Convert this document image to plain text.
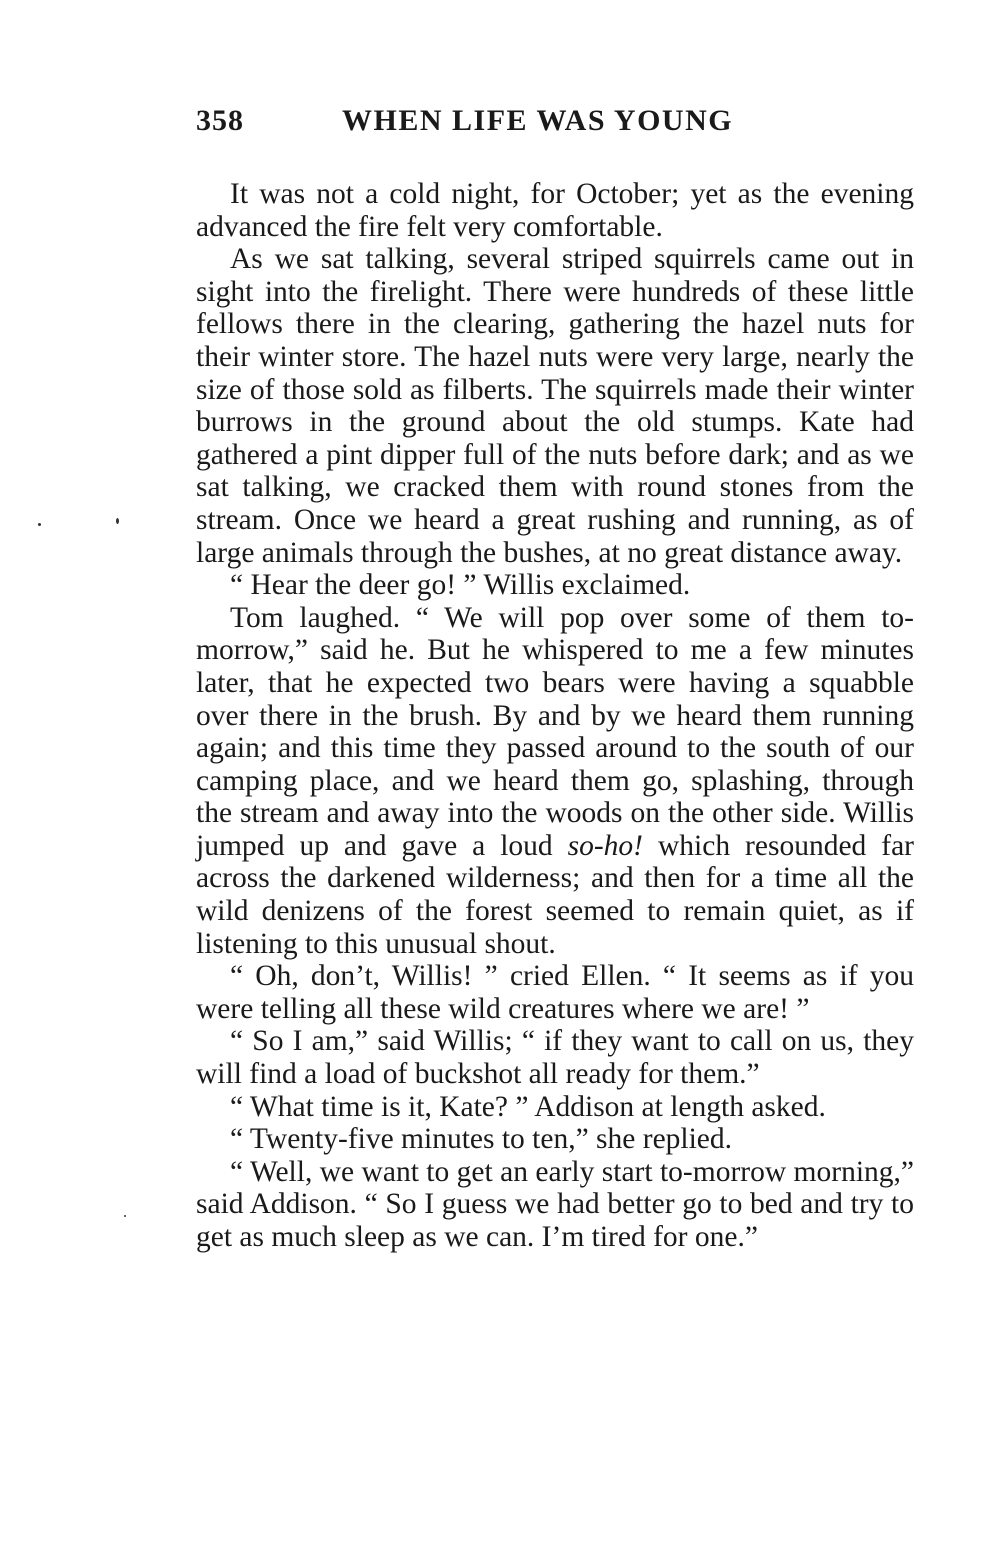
358	WHEN LIFE WAS YOUNG

It was not a cold night, for October; yet as the evening advanced the fire felt very comfortable.

As we sat talking, several striped squirrels came out in sight into the firelight. There were hundreds of these little fellows there in the clearing, gathering the hazel nuts for their winter store. The hazel nuts were very large, nearly the size of those sold as filberts. The squirrels made their winter burrows in the ground about the old stumps. Kate had gathered a pint dipper full of the nuts before dark; and as we sat talking, we cracked them with round stones from the stream. Once we heard a great rushing and running, as of large animals through the bushes, at no great distance away.

“ Hear the deer go! ” Willis exclaimed.

Tom laughed. “ We will pop over some of them to-morrow,” said he. But he whispered to me a few minutes later, that he expected two bears were having a squabble over there in the brush. By and by we heard them running again; and this time they passed around to the south of our camping place, and we heard them go, splashing, through the stream and away into the woods on the other side. Willis jumped up and gave a loud so-ho! which resounded far across the darkened wilderness; and then for a time all the wild denizens of the forest seemed to remain quiet, as if listening to this unusual shout.

“ Oh, don’t, Willis! ” cried Ellen. “ It seems as if you were telling all these wild creatures where we are! ”

“ So I am,” said Willis; “ if they want to call on us, they will find a load of buckshot all ready for them.”

“ What time is it, Kate? ” Addison at length asked.

“ Twenty-five minutes to ten,” she replied.

“ Well, we want to get an early start to-morrow morning,” said Addison. “ So I guess we had better go to bed and try to get as much sleep as we can. I’m tired for one.”
